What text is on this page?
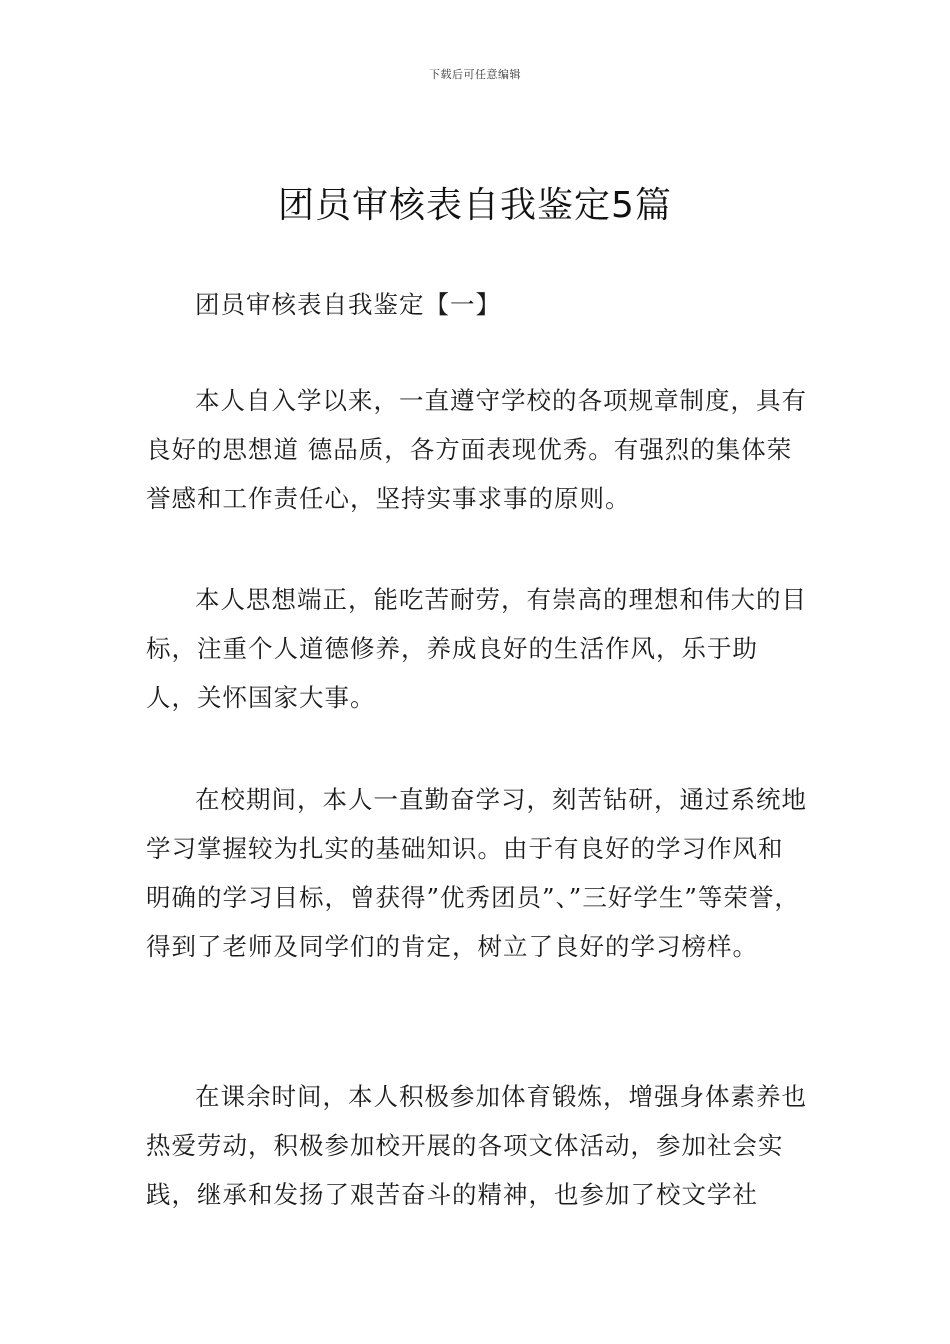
下载后可任意编辑
团员审核表自我鉴定5篇
团员审核表自我鉴定【一】

本人自入学以来，一直遵守学校的各项规章制度，具有良好的思想道 德品质，各方面表现优秀。有强烈的集体荣誉感和工作责任心，坚持实事求事的原则。

本人思想端正，能吃苦耐劳，有崇高的理想和伟大的目标，注重个人道德修养，养成良好的生活作风，乐于助人，关怀国家大事。

在校期间，本人一直勤奋学习，刻苦钻研，通过系统地学习掌握较为扎实的基础知识。由于有良好的学习作风和明确的学习目标，曾获得”优秀团员”、”三好学生”等荣誉，得到了老师及同学们的肯定，树立了良好的学习榜样。

在课余时间，本人积极参加体育锻炼，增强身体素养也热爱劳动，积极参加校开展的各项文体活动，参加社会实践，继承和发扬了艰苦奋斗的精神，也参加了校文学社
